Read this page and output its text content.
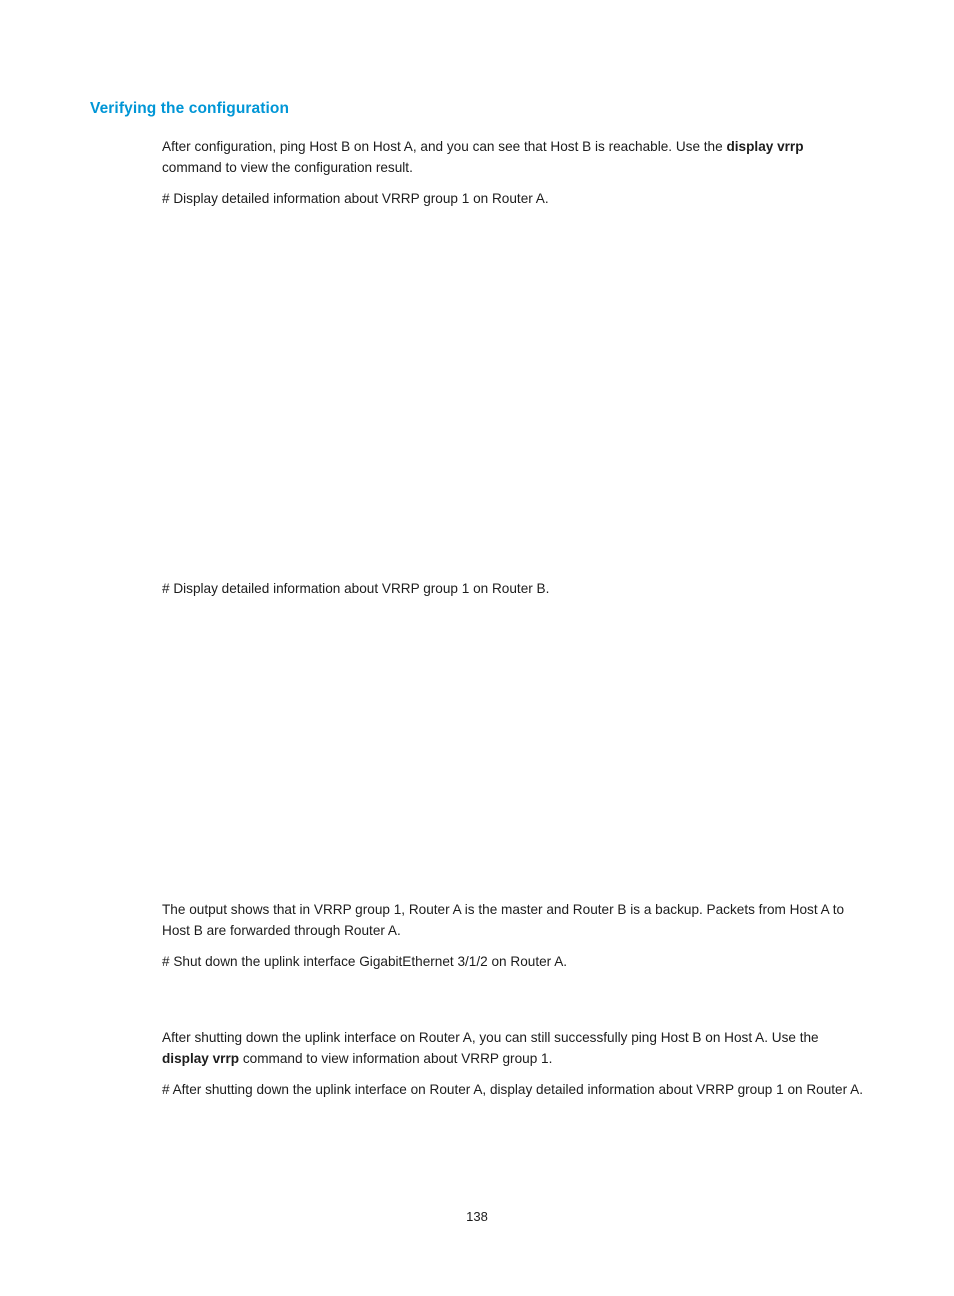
Verifying the configuration

After configuration, ping Host B on Host A, and you can see that Host B is reachable. Use the display vrrp command to view the configuration result.

# Display detailed information about VRRP group 1 on Router A.

# Display detailed information about VRRP group 1 on Router B.

The output shows that in VRRP group 1, Router A is the master and Router B is a backup. Packets from Host A to Host B are forwarded through Router A.

# Shut down the uplink interface GigabitEthernet 3/1/2 on Router A.

After shutting down the uplink interface on Router A, you can still successfully ping Host B on Host A. Use the display vrrp command to view information about VRRP group 1.

# After shutting down the uplink interface on Router A, display detailed information about VRRP group 1 on Router A.

138
